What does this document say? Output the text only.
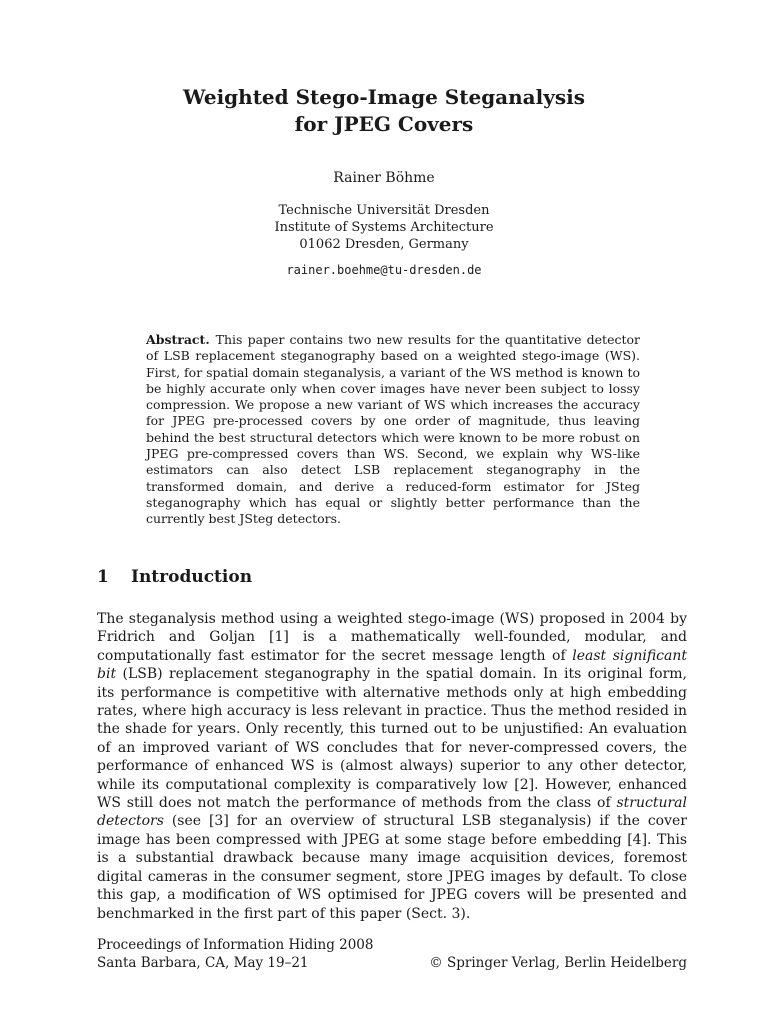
Weighted Stego-Image Steganalysis
for JPEG Covers
Rainer Böhme
Technische Universität Dresden
Institute of Systems Architecture
01062 Dresden, Germany
rainer.boehme@tu-dresden.de
Abstract. This paper contains two new results for the quantitative detector of LSB replacement steganography based on a weighted stego-image (WS). First, for spatial domain steganalysis, a variant of the WS method is known to be highly accurate only when cover images have never been subject to lossy compression. We propose a new variant of WS which increases the accuracy for JPEG pre-processed covers by one order of magnitude, thus leaving behind the best structural detectors which were known to be more robust on JPEG pre-compressed covers than WS. Second, we explain why WS-like estimators can also detect LSB replacement steganography in the transformed domain, and derive a reduced-form estimator for JSteg steganography which has equal or slightly better performance than the currently best JSteg detectors.
1 Introduction
The steganalysis method using a weighted stego-image (WS) proposed in 2004 by Fridrich and Goljan [1] is a mathematically well-founded, modular, and computationally fast estimator for the secret message length of least significant bit (LSB) replacement steganography in the spatial domain. In its original form, its performance is competitive with alternative methods only at high embedding rates, where high accuracy is less relevant in practice. Thus the method resided in the shade for years. Only recently, this turned out to be unjustified: An evaluation of an improved variant of WS concludes that for never-compressed covers, the performance of enhanced WS is (almost always) superior to any other detector, while its computational complexity is comparatively low [2]. However, enhanced WS still does not match the performance of methods from the class of structural detectors (see [3] for an overview of structural LSB steganalysis) if the cover image has been compressed with JPEG at some stage before embedding [4]. This is a substantial drawback because many image acquisition devices, foremost digital cameras in the consumer segment, store JPEG images by default. To close this gap, a modification of WS optimised for JPEG covers will be presented and benchmarked in the first part of this paper (Sect. 3).
Proceedings of Information Hiding 2008
Santa Barbara, CA, May 19–21	© Springer Verlag, Berlin Heidelberg
